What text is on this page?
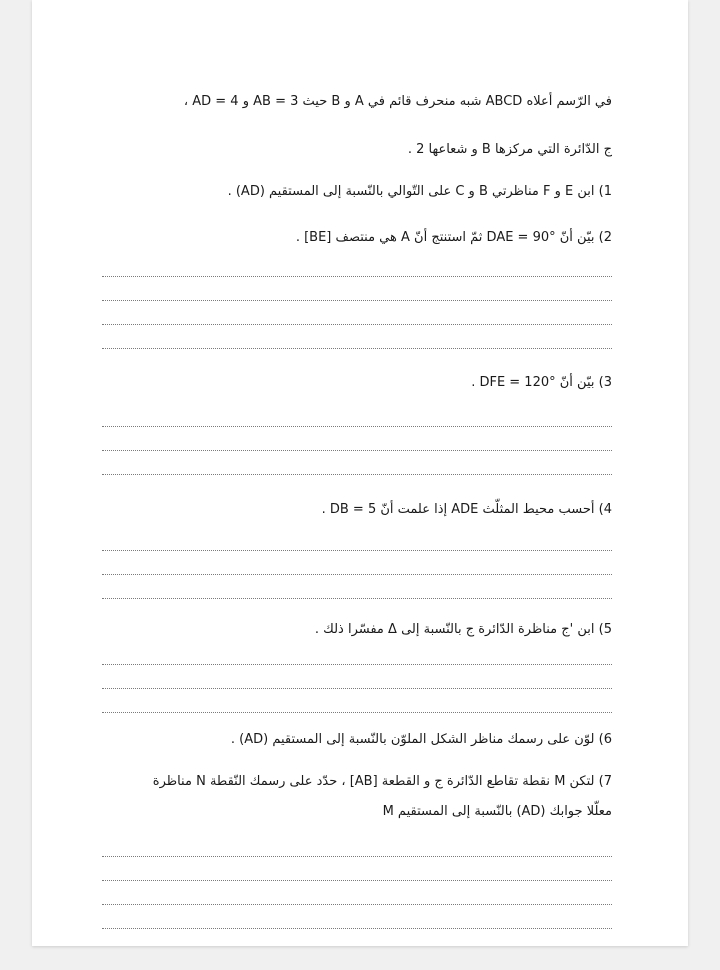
في الرّسم أعلاه ABCD شبه منحرف قائم في A و B حيث AB = 3 و AD = 4 ،
ج الدّائرة التي مركزها B و شعاعها 2 .
1) ابن E و F مناظرتي B و C على التّوالي بالنّسبة إلى المستقيم (AD) .
2) بيّن أنّ DAE = 90° ثمّ استنتج أنّ A هي منتصف [BE] .
3) بيّن أنّ DFE = 120° .
4) أحسب محيط المثلّث ADE إذا علمت أنّ DB = 5 .
5) ابن 'ج مناظرة الدّائرة ج بالنّسبة إلى Δ مفسّرا ذلك .
6) لوّن على رسمك مناظر الشكل الملوّن بالنّسبة إلى المستقيم (AD) .
7) لتكن M نقطة تقاطع الدّائرة ج و القطعة [AB] ، حدّد على رسمك النّقطة N مناظرة
M بالنّسبة إلى المستقيم (AD) معلّلا جوابك
